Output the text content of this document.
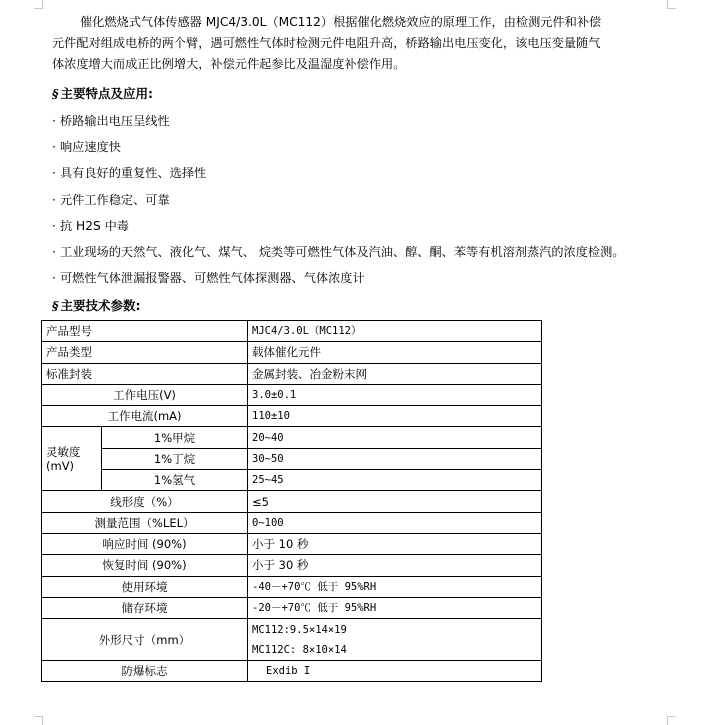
催化燃烧式气体传感器 MJC4/3.0L（MC112）根据催化燃烧效应的原理工作，由检测元件和补偿元件配对组成电桥的两个臂，遇可燃性气体时检测元件电阻升高，桥路输出电压变化，该电压变量随气体浓度增大而成正比例增大，补偿元件起参比及温湿度补偿作用。
§ 主要特点及应用:
· 桥路输出电压呈线性
· 响应速度快
· 具有良好的重复性、选择性
· 元件工作稳定、可靠
· 抗 H2S 中毒
· 工业现场的天然气、液化气、煤气、 烷类等可燃性气体及汽油、醇、酮、苯等有机溶剂蒸汽的浓度检测。
· 可燃性气体泄漏报警器、可燃性气体探测器、气体浓度计
§ 主要技术参数:
产品型号		MJC4/3.0L（MC112）
产品类型		载体催化元件
标准封装		金属封装、冶金粉末网
工作电压(V)		3.0±0.1
工作电流(mA)		110±10

灵敏度
(mV)	1%甲烷	20~40
	1%丁烷	30~50
	1%氢气	25~45
线形度（%）		≤5
测量范围（%LEL）		0~100
响应时间 (90%)		小于 10 秒
恢复时间 (90%)		小于 30 秒
使用环境		-40－+70℃ 低于 95%RH
储存环境		-20－+70℃ 低于 95%RH
外形尺寸（mm）		MC112:9.5×14×19
MC112C: 8×10×14

防爆标志		Exdib I
